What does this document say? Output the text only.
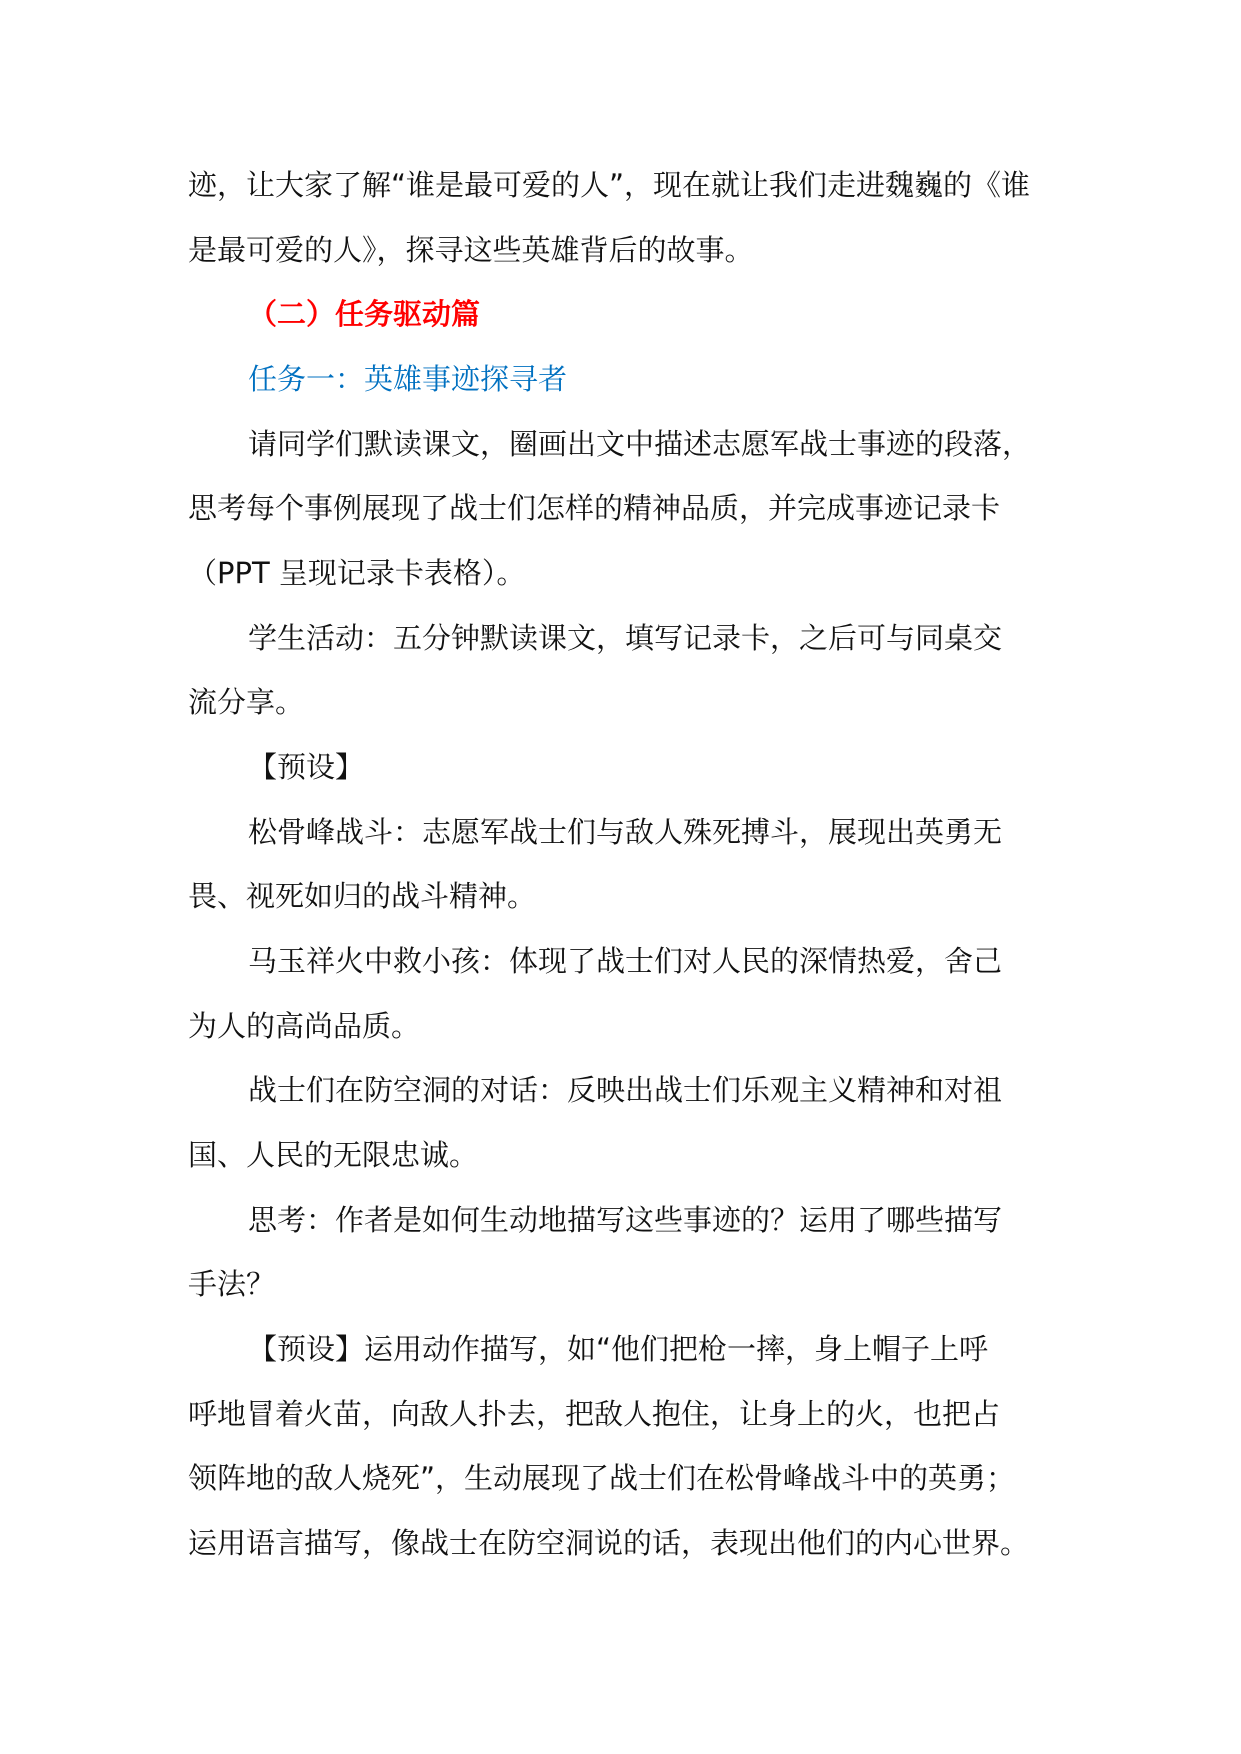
迹，让大家了解“谁是最可爱的人”，现在就让我们走进魏巍的《谁
是最可爱的人》，探寻这些英雄背后的故事。
（二）任务驱动篇
任务一：英雄事迹探寻者
请同学们默读课文，圈画出文中描述志愿军战士事迹的段落，
思考每个事例展现了战士们怎样的精神品质，并完成事迹记录卡
（PPT 呈现记录卡表格）。
学生活动：五分钟默读课文，填写记录卡，之后可与同桌交
流分享。
【预设】
松骨峰战斗：志愿军战士们与敌人殊死搏斗，展现出英勇无
畏、视死如归的战斗精神。
马玉祥火中救小孩：体现了战士们对人民的深情热爱，舍己
为人的高尚品质。
战士们在防空洞的对话：反映出战士们乐观主义精神和对祖
国、人民的无限忠诚。
思考：作者是如何生动地描写这些事迹的？运用了哪些描写
手法？
【预设】运用动作描写，如“他们把枪一摔，身上帽子上呼
呼地冒着火苗，向敌人扑去，把敌人抱住，让身上的火，也把占
领阵地的敌人烧死”，生动展现了战士们在松骨峰战斗中的英勇；
运用语言描写，像战士在防空洞说的话，表现出他们的内心世界。
